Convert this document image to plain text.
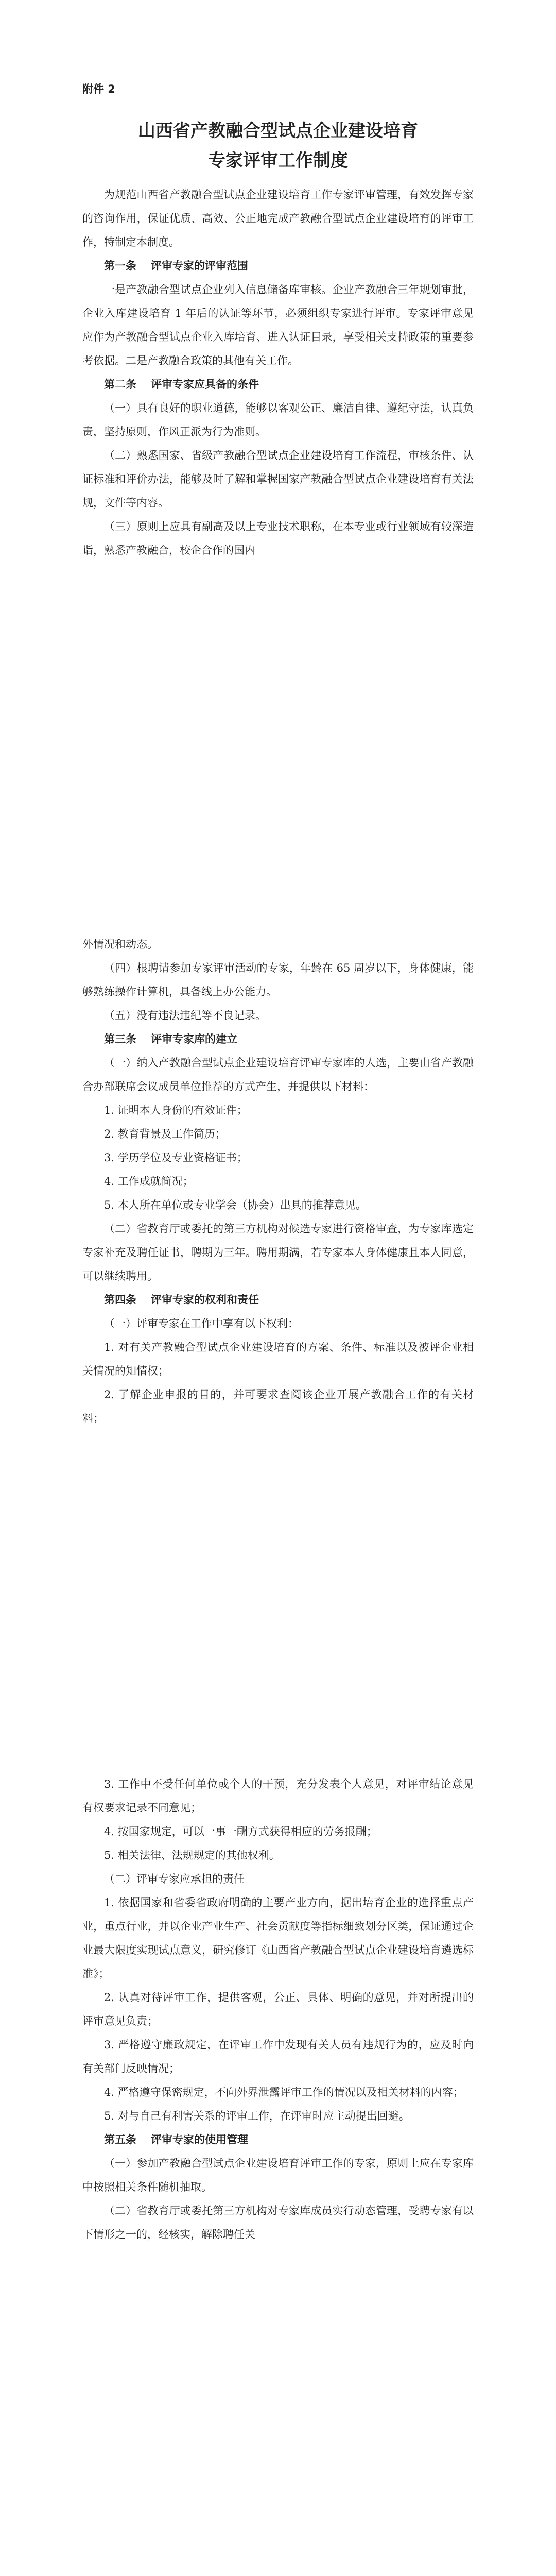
附件 2
山西省产教融合型试点企业建设培育
专家评审工作制度

为规范山西省产教融合型试点企业建设培育工作专家评审管理，有效发挥专家的咨询作用，保证优质、高效、公正地完成产教融合型试点企业建设培育的评审工作，特制定本制度。

第一条 评审专家的评审范围

一是产教融合型试点企业列入信息储备库审核。企业产教融合三年规划审批，企业入库建设培育 1 年后的认证等环节，必须组织专家进行评审。专家评审意见应作为产教融合型试点企业入库培育、进入认证目录，享受相关支持政策的重要参考依据。二是产教融合政策的其他有关工作。

第二条 评审专家应具备的条件

（一）具有良好的职业道德，能够以客观公正、廉洁自律、遵纪守法，认真负责，坚持原则，作风正派为行为准则。

（二）熟悉国家、省级产教融合型试点企业建设培育工作流程，审核条件、认证标准和评价办法，能够及时了解和掌握国家产教融合型试点企业建设培育有关法规，文件等内容。

（三）原则上应具有副高及以上专业技术职称，在本专业或行业领域有较深造诣，熟悉产教融合，校企合作的国内

外情况和动态。

（四）根聘请参加专家评审活动的专家，年龄在 65 周岁以下，身体健康，能够熟练操作计算机，具备线上办公能力。

（五）没有违法违纪等不良记录。

第三条 评审专家库的建立

（一）纳入产教融合型试点企业建设培育评审专家库的人选，主要由省产教融合办部联席会议成员单位推荐的方式产生，并提供以下材料：

1. 证明本人身份的有效证件；

2. 教育背景及工作简历；

3. 学历学位及专业资格证书；

4. 工作成就简况；

5. 本人所在单位或专业学会（协会）出具的推荐意见。

（二）省教育厅或委托的第三方机构对候选专家进行资格审查，为专家库选定专家补充及聘任证书，聘期为三年。聘用期满，若专家本人身体健康且本人同意，可以继续聘用。

第四条 评审专家的权利和责任

（一）评审专家在工作中享有以下权利：

1. 对有关产教融合型试点企业建设培育的方案、条件、标准以及被评企业相关情况的知情权；

2. 了解企业申报的目的，并可要求查阅该企业开展产教融合工作的有关材料；

3. 工作中不受任何单位或个人的干预，充分发表个人意见，对评审结论意见有权要求记录不同意见；

4. 按国家规定，可以一事一酬方式获得相应的劳务报酬；

5. 相关法律、法规规定的其他权利。

（二）评审专家应承担的责任

1. 依据国家和省委省政府明确的主要产业方向，据出培育企业的选择重点产业，重点行业，并以企业产业生产、社会贡献度等指标细致划分区类，保证通过企业最大限度实现试点意义，研究修订《山西省产教融合型试点企业建设培育遴选标准》；

2. 认真对待评审工作，提供客观，公正、具体、明确的意见，并对所提出的评审意见负责；

3. 严格遵守廉政规定，在评审工作中发现有关人员有违规行为的，应及时向有关部门反映情况；

4. 严格遵守保密规定，不向外界泄露评审工作的情况以及相关材料的内容；

5. 对与自己有利害关系的评审工作，在评审时应主动提出回避。

第五条 评审专家的使用管理

（一）参加产教融合型试点企业建设培育评审工作的专家，原则上应在专家库中按照相关条件随机抽取。

（二）省教育厅或委托第三方机构对专家库成员实行动态管理，受聘专家有以下情形之一的，经核实，解除聘任关
